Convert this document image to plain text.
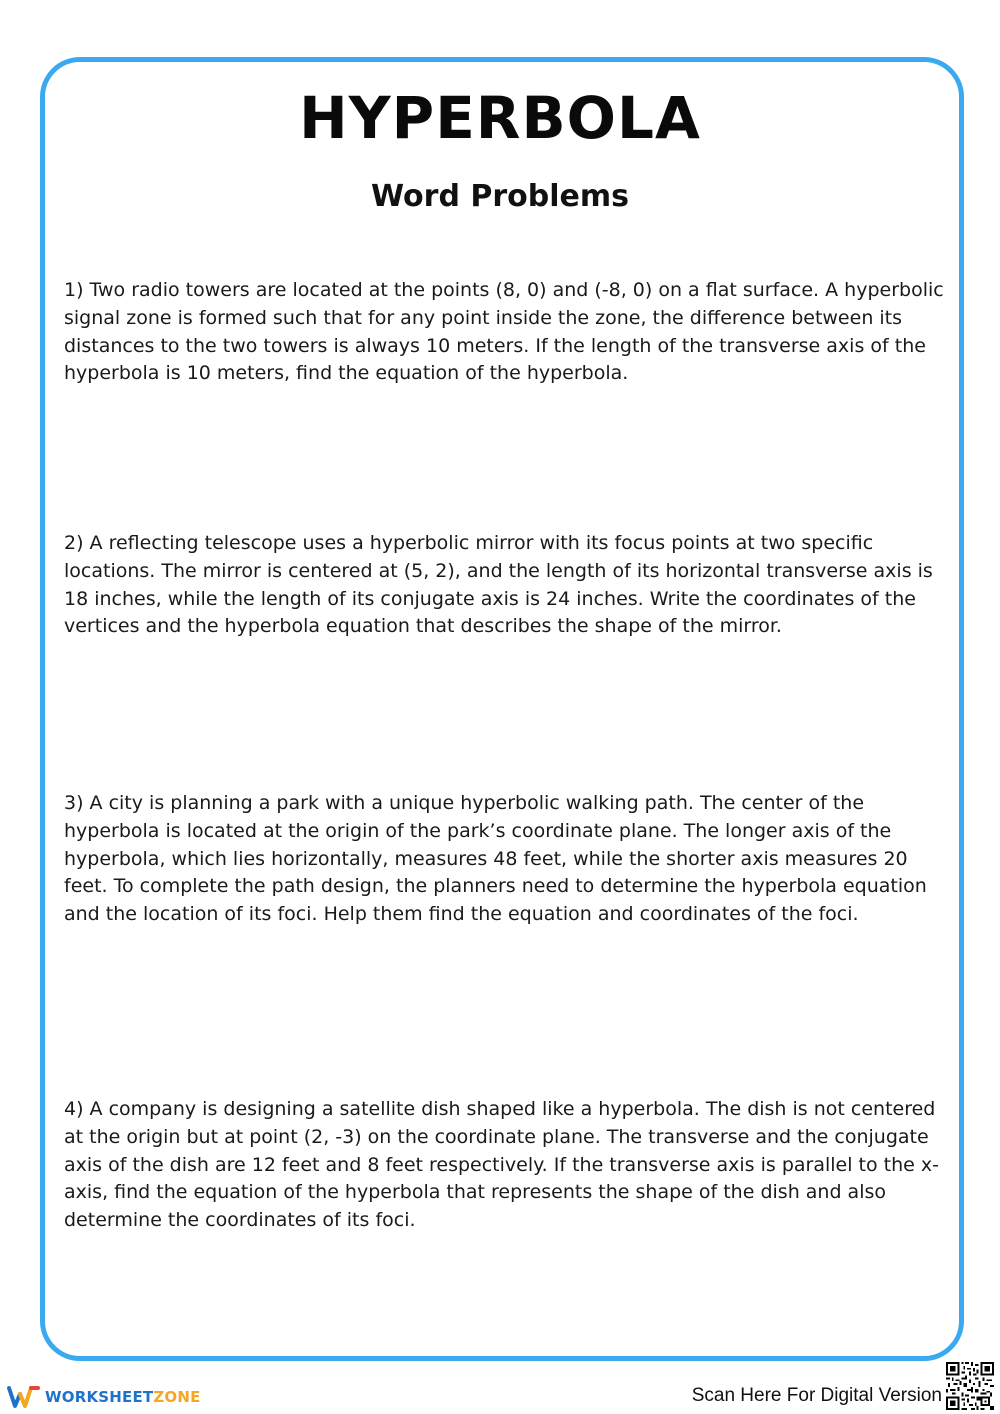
HYPERBOLA
Word Problems

1) Two radio towers are located at the points (8, 0) and (-8, 0) on a flat surface. A hyperbolic signal zone is formed such that for any point inside the zone, the difference between its distances to the two towers is always 10 meters. If the length of the transverse axis of the hyperbola is 10 meters, find the equation of the hyperbola.

2) A reflecting telescope uses a hyperbolic mirror with its focus points at two specific locations. The mirror is centered at (5, 2), and the length of its horizontal transverse axis is 18 inches, while the length of its conjugate axis is 24 inches. Write the coordinates of the vertices and the hyperbola equation that describes the shape of the mirror.

3) A city is planning a park with a unique hyperbolic walking path. The center of the hyperbola is located at the origin of the park’s coordinate plane. The longer axis of the hyperbola, which lies horizontally, measures 48 feet, while the shorter axis measures 20 feet. To complete the path design, the planners need to determine the hyperbola equation and the location of its foci. Help them find the equation and coordinates of the foci.

4) A company is designing a satellite dish shaped like a hyperbola. The dish is not centered at the origin but at point (2, -3) on the coordinate plane. The transverse and the conjugate axis of the dish are 12 feet and 8 feet respectively. If the transverse axis is parallel to the x-axis, find the equation of the hyperbola that represents the shape of the dish and also determine the coordinates of its foci.

WORKSHEETZONE	Scan Here For Digital Version
